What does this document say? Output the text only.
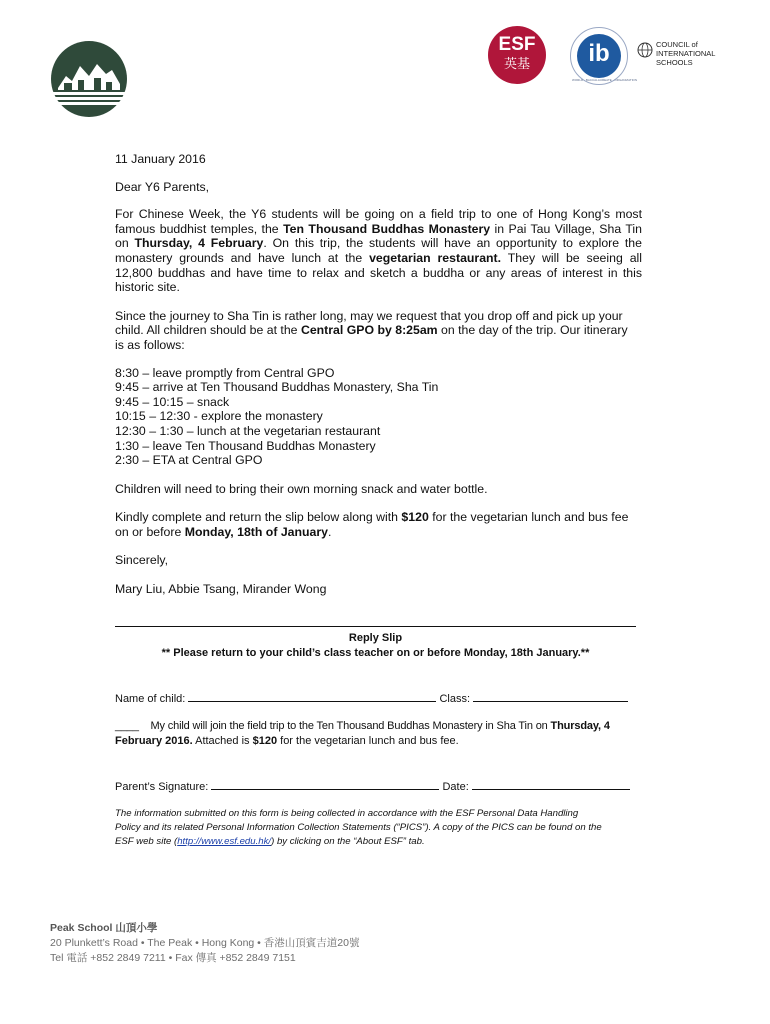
ESF
英基	ib
WORLD · BACCALAUREATE · ORGANIZATION
COUNCIL of
INTERNATIONAL
SCHOOLS
11 January 2016
Dear Y6 Parents,
For Chinese Week, the Y6 students will be going on a field trip to one of Hong Kong’s most
famous buddhist temples, the Ten Thousand Buddhas Monastery in Pai Tau Village, Sha Tin
on Thursday, 4 February. On this trip, the students will have an opportunity to explore the
monastery grounds and have lunch at the vegetarian restaurant. They will be seeing all
12,800 buddhas and have time to relax and sketch a buddha or any areas of interest in this
historic site.
Since the journey to Sha Tin is rather long, may we request that you drop off and pick up your
child. All children should be at the Central GPO by 8:25am on the day of the trip. Our itinerary
is as follows:
8:30 – leave promptly from Central GPO
9:45 – arrive at Ten Thousand Buddhas Monastery, Sha Tin
9:45 – 10:15 – snack
10:15 – 12:30 - explore the monastery
12:30 – 1:30 – lunch at the vegetarian restaurant
1:30 – leave Ten Thousand Buddhas Monastery
2:30 – ETA at Central GPO
Children will need to bring their own morning snack and water bottle.
Kindly complete and return the slip below along with $120 for the vegetarian lunch and bus fee
on or before Monday, 18th of January.
Sincerely,
Mary Liu, Abbie Tsang, Mirander Wong
Reply Slip
** Please return to your child’s class teacher on or before Monday, 18th January.**
Name of child:	Class:
____ My child will join the field trip to the Ten Thousand Buddhas Monastery in Sha Tin on Thursday, 4
February 2016. Attached is $120 for the vegetarian lunch and bus fee.
Parent’s Signature:	Date:
The information submitted on this form is being collected in accordance with the ESF Personal Data Handling
Policy and its related Personal Information Collection Statements (“PICS”). A copy of the PICS can be found on the
ESF web site (http://www.esf.edu.hk/) by clicking on the “About ESF” tab.
Peak School 山頂小學
20 Plunkett’s Road • The Peak • Hong Kong • 香港山頂賓吉道20號
Tel 電話 +852 2849 7211 • Fax 傳真 +852 2849 7151
